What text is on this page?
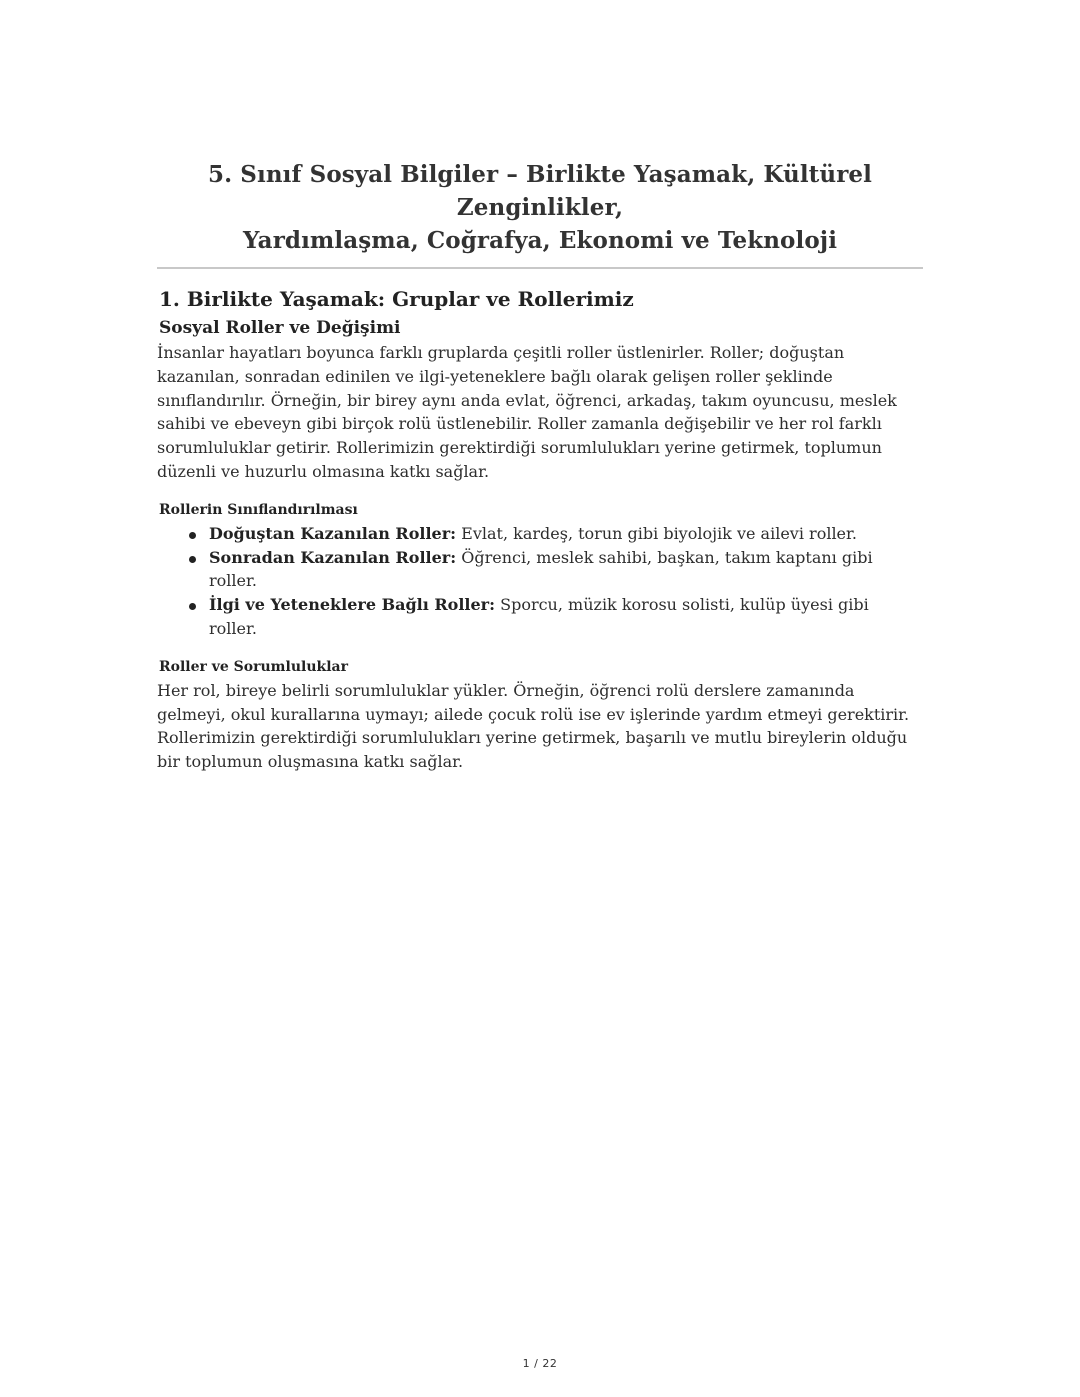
5. Sınıf Sosyal Bilgiler – Birlikte Yaşamak, Kültürel Zenginlikler,
Yardımlaşma, Coğrafya, Ekonomi ve Teknoloji
1. Birlikte Yaşamak: Gruplar ve Rollerimiz
Sosyal Roller ve Değişimi

İnsanlar hayatları boyunca farklı gruplarda çeşitli roller üstlenirler. Roller; doğuştan kazanılan, sonradan edinilen ve ilgi-yeteneklere bağlı olarak gelişen roller şeklinde sınıflandırılır. Örneğin, bir birey aynı anda evlat, öğrenci, arkadaş, takım oyuncusu, meslek sahibi ve ebeveyn gibi birçok rolü üstlenebilir. Roller zamanla değişebilir ve her rol farklı sorumluluklar getirir. Rollerimizin gerektirdiği sorumlulukları yerine getirmek, toplumun düzenli ve huzurlu olmasına katkı sağlar.

Rollerin Sınıflandırılması
Doğuştan Kazanılan Roller: Evlat, kardeş, torun gibi biyolojik ve ailevi roller.
Sonradan Kazanılan Roller: Öğrenci, meslek sahibi, başkan, takım kaptanı gibi roller.
İlgi ve Yeteneklere Bağlı Roller: Sporcu, müzik korosu solisti, kulüp üyesi gibi roller.
Roller ve Sorumluluklar

Her rol, bireye belirli sorumluluklar yükler. Örneğin, öğrenci rolü derslere zamanında gelmeyi, okul kurallarına uymayı; ailede çocuk rolü ise ev işlerinde yardım etmeyi gerektirir. Rollerimizin gerektirdiği sorumlulukları yerine getirmek, başarılı ve mutlu bireylerin olduğu bir toplumun oluşmasına katkı sağlar.

1 / 22
